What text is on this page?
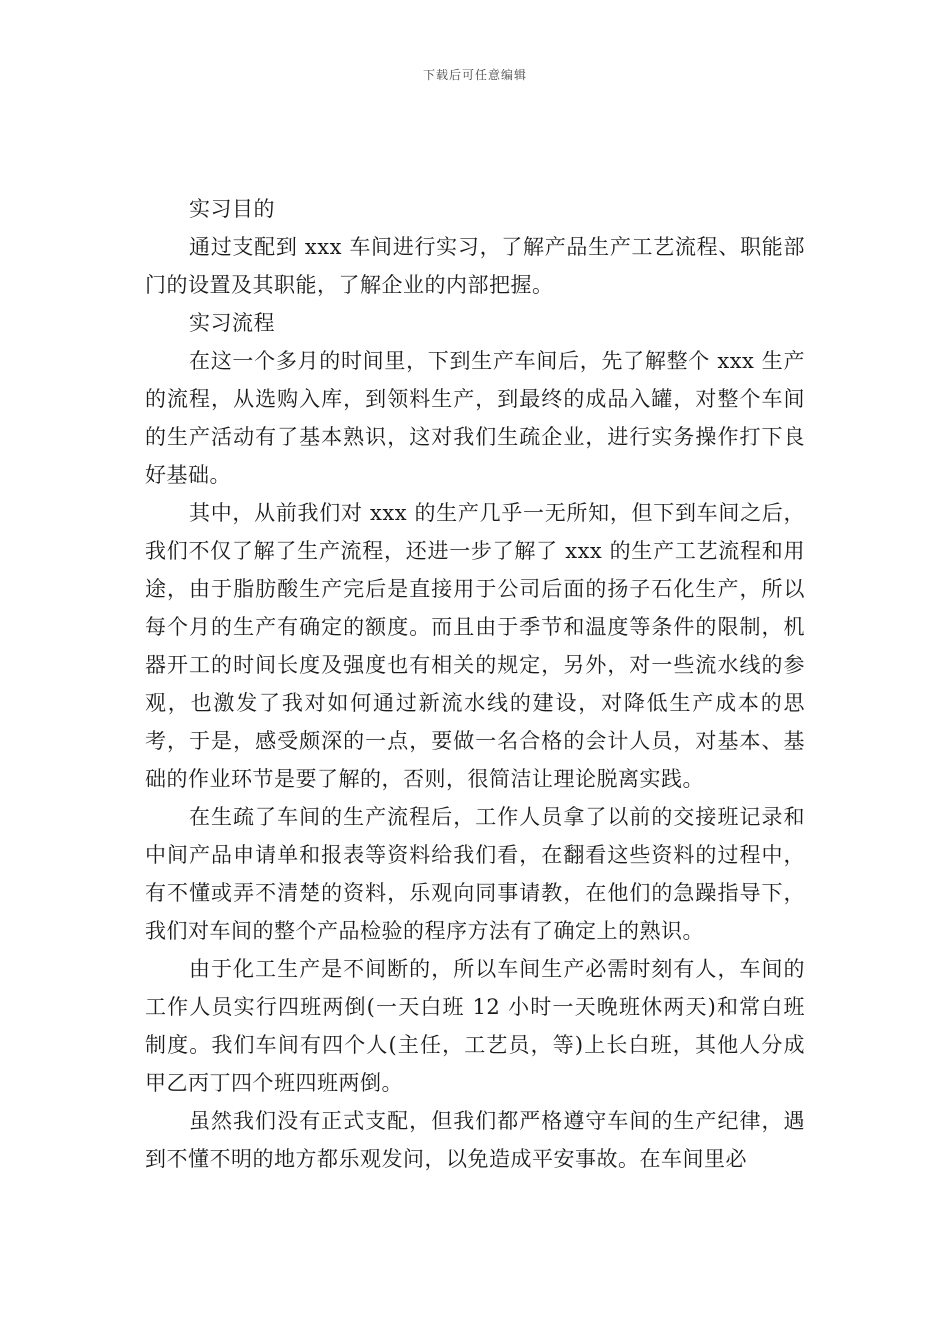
下载后可任意编辑

实习目的

通过支配到 xxx 车间进行实习，了解产品生产工艺流程、职能部门的设置及其职能，了解企业的内部把握。

实习流程

在这一个多月的时间里，下到生产车间后，先了解整个 xxx 生产的流程，从选购入库，到领料生产，到最终的成品入罐，对整个车间的生产活动有了基本熟识，这对我们生疏企业，进行实务操作打下良好基础。

其中，从前我们对 xxx 的生产几乎一无所知，但下到车间之后，我们不仅了解了生产流程，还进一步了解了 xxx 的生产工艺流程和用途，由于脂肪酸生产完后是直接用于公司后面的扬子石化生产，所以每个月的生产有确定的额度。而且由于季节和温度等条件的限制，机器开工的时间长度及强度也有相关的规定，另外，对一些流水线的参观，也激发了我对如何通过新流水线的建设，对降低生产成本的思考，于是，感受颇深的一点，要做一名合格的会计人员，对基本、基础的作业环节是要了解的，否则，很简洁让理论脱离实践。

在生疏了车间的生产流程后，工作人员拿了以前的交接班记录和中间产品申请单和报表等资料给我们看，在翻看这些资料的过程中，有不懂或弄不清楚的资料，乐观向同事请教，在他们的急躁指导下，我们对车间的整个产品检验的程序方法有了确定上的熟识。

由于化工生产是不间断的，所以车间生产必需时刻有人，车间的工作人员实行四班两倒(一天白班 12 小时一天晚班休两天)和常白班制度。我们车间有四个人(主任，工艺员，等)上长白班，其他人分成甲乙丙丁四个班四班两倒。

虽然我们没有正式支配，但我们都严格遵守车间的生产纪律，遇到不懂不明的地方都乐观发问，以免造成平安事故。在车间里必
